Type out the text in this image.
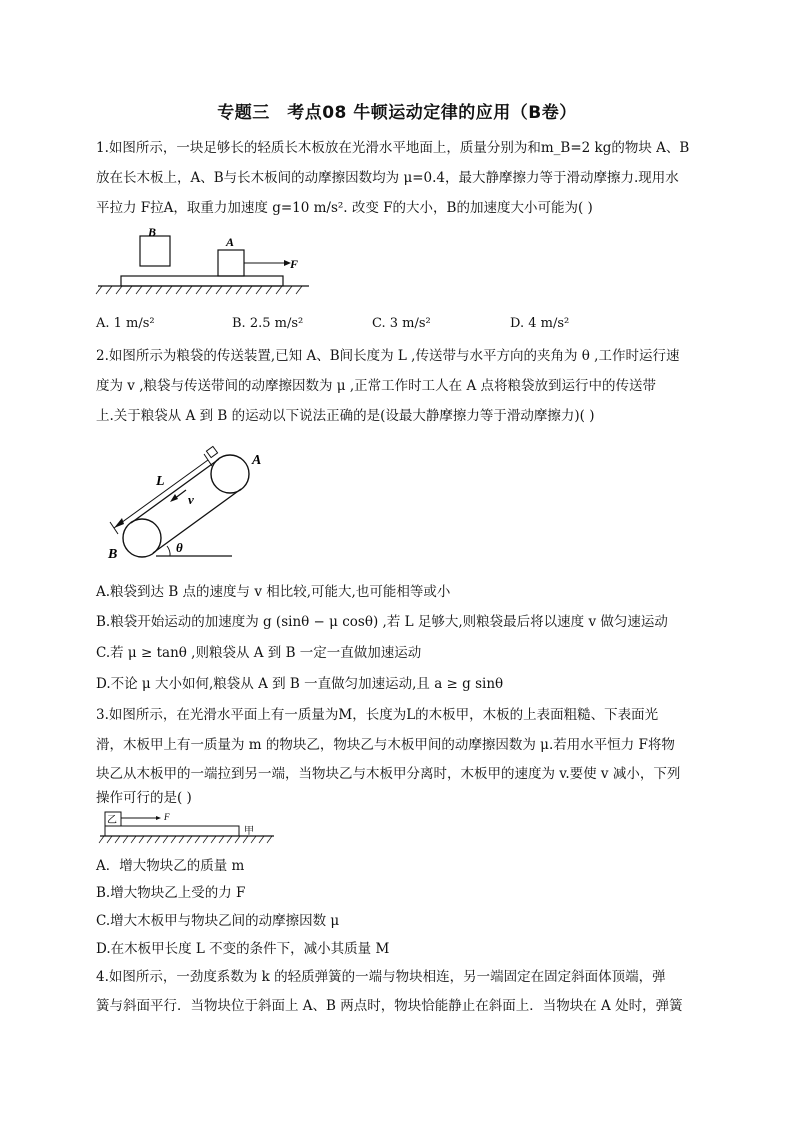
专题三　考点08 牛顿运动定律的应用（B卷）
1.如图所示，一块足够长的轻质长木板放在光滑水平地面上，质量分别为和m_B=2 kg的物块 A、B
放在长木板上，A、B与长木板间的动摩擦因数均为 μ=0.4，最大静摩擦力等于滑动摩擦力.现用水
平拉力 F拉A，取重力加速度 g=10 m/s². 改变 F的大小，B的加速度大小可能为( )
B
A
F
A. 1 m/s²	B. 2.5 m/s²	C. 3 m/s²	D. 4 m/s²
2.如图所示为粮袋的传送装置,已知 A、B间长度为 L ,传送带与水平方向的夹角为 θ ,工作时运行速
度为 v ,粮袋与传送带间的动摩擦因数为 μ ,正常工作时工人在 A 点将粮袋放到运行中的传送带
上.关于粮袋从 A 到 B 的运动以下说法正确的是(设最大静摩擦力等于滑动摩擦力)( )
L
v
A
B	θ
A.粮袋到达 B 点的速度与 v 相比较,可能大,也可能相等或小
B.粮袋开始运动的加速度为 g (sinθ − μ cosθ) ,若 L 足够大,则粮袋最后将以速度 v 做匀速运动
C.若 μ ≥ tanθ ,则粮袋从 A 到 B 一定一直做加速运动
D.不论 μ 大小如何,粮袋从 A 到 B 一直做匀加速运动,且 a ≥ g sinθ
3.如图所示，在光滑水平面上有一质量为M，长度为L的木板甲，木板的上表面粗糙、下表面光
滑，木板甲上有一质量为 m 的物块乙，物块乙与木板甲间的动摩擦因数为 μ.若用水平恒力 F将物
块乙从木板甲的一端拉到另一端，当物块乙与木板甲分离时，木板甲的速度为 v.要使 v 减小，下列
操作可行的是( )
乙	F
甲
A．增大物块乙的质量 m
B.增大物块乙上受的力 F
C.增大木板甲与物块乙间的动摩擦因数 μ
D.在木板甲长度 L 不变的条件下，减小其质量 M
4.如图所示，一劲度系数为 k 的轻质弹簧的一端与物块相连，另一端固定在固定斜面体顶端，弹
簧与斜面平行．当物块位于斜面上 A、B 两点时，物块恰能静止在斜面上．当物块在 A 处时，弹簧
